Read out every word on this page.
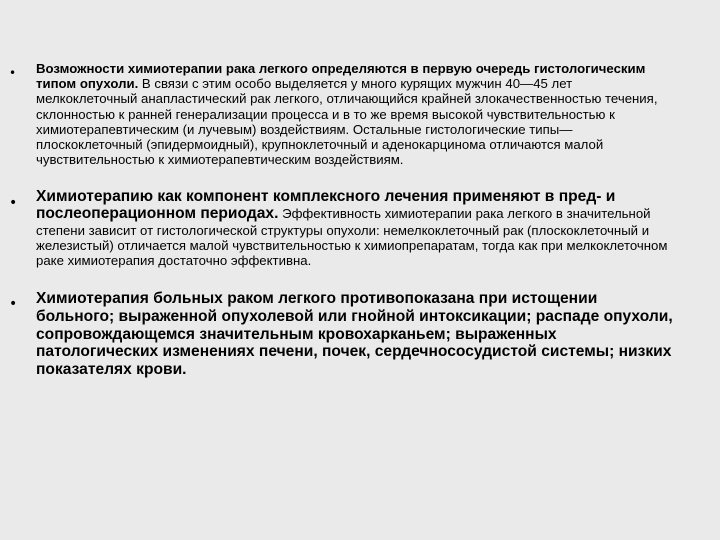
• Возможности химиотерапии рака легкого определяются в первую очередь гистологическим типом опухоли. В связи с этим особо выделяется у много курящих мужчин 40—45 лет мелкоклеточный анапластический рак легкого, отличающийся крайней злокачественностью течения, склонностью к ранней генерализации процесса и в то же время высокой чувствительностью к химиотерапевтическим (и лучевым) воздействиям. Остальные гистологические типы—плоскоклеточный (эпидермоидный), крупноклеточный и аденокарцинома отличаются малой чувствительностью к химиотерапевтическим воздействиям.
• Химиотерапию как компонент комплексного лечения применяют в пред- и послеоперационном периодах. Эффективность химиотерапии рака легкого в значительной степени зависит от гистологической структуры опухоли: немелкоклеточный рак (плоскоклеточный и железистый) отличается малой чувствительностью к химиопрепаратам, тогда как при мелкоклеточном раке химиотерапия достаточно эффективна.
• Химиотерапия больных раком легкого противопоказана при истощении больного; выраженной опухолевой или гнойной интоксикации; распаде опухоли, сопровождающемся значительным кровохарканьем; выраженных патологических изменениях печени, почек, сердечнососудистой системы; низких показателях крови.
